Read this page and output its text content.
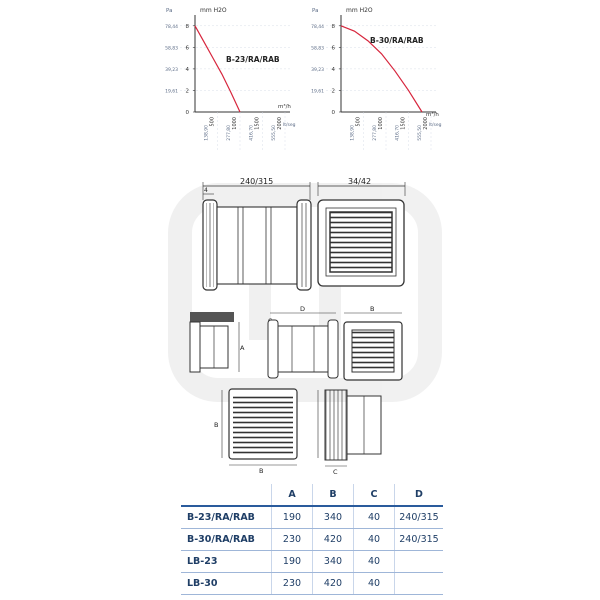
Pa	mm H2O
0
2
4
6
8
19,61
39,23
58,83
78,44
500	1000	1500	2000
138,90	277,80	416,70	555,50
B-23/RA/RAB
m³/h
lt/seg
Pa	mm H2O
0
2
4
6
8
19,61
39,23
58,83
78,44
500	1000	1500	2000
138,90	277,80	416,70	555,50
B-30/RA/RAB
m³/h
lt/seg
240/315
4
34/42
A
D	B
B
B	C
	A	B	C	D
B-23/RA/RAB	190	340	40	240/315
B-30/RA/RAB	230	420	40	240/315
LB-23	190	340	40	
LB-30	230	420	40	
